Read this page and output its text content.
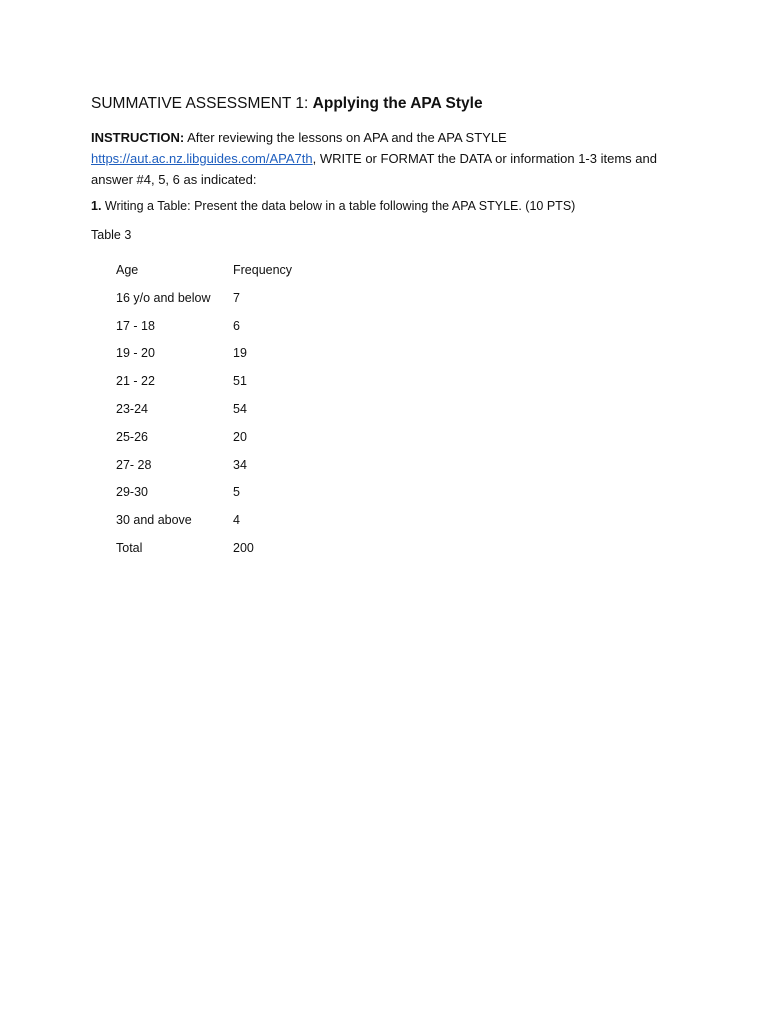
SUMMATIVE ASSESSMENT 1: Applying the APA Style
INSTRUCTION: After reviewing the lessons on APA and the APA STYLE
https://aut.ac.nz.libguides.com/APA7th, WRITE or FORMAT the DATA or information 1-3 items and answer #4, 5, 6 as indicated:
1. Writing a Table: Present the data below in a table following the APA STYLE. (10 PTS)
Table 3
Age	Frequency
16 y/o and below 7
17 - 18	6
19 - 20	19
21 - 22	51
23-24	54
25-26	20
27- 28	34
29-30	5
30 and above	4
Total	200
